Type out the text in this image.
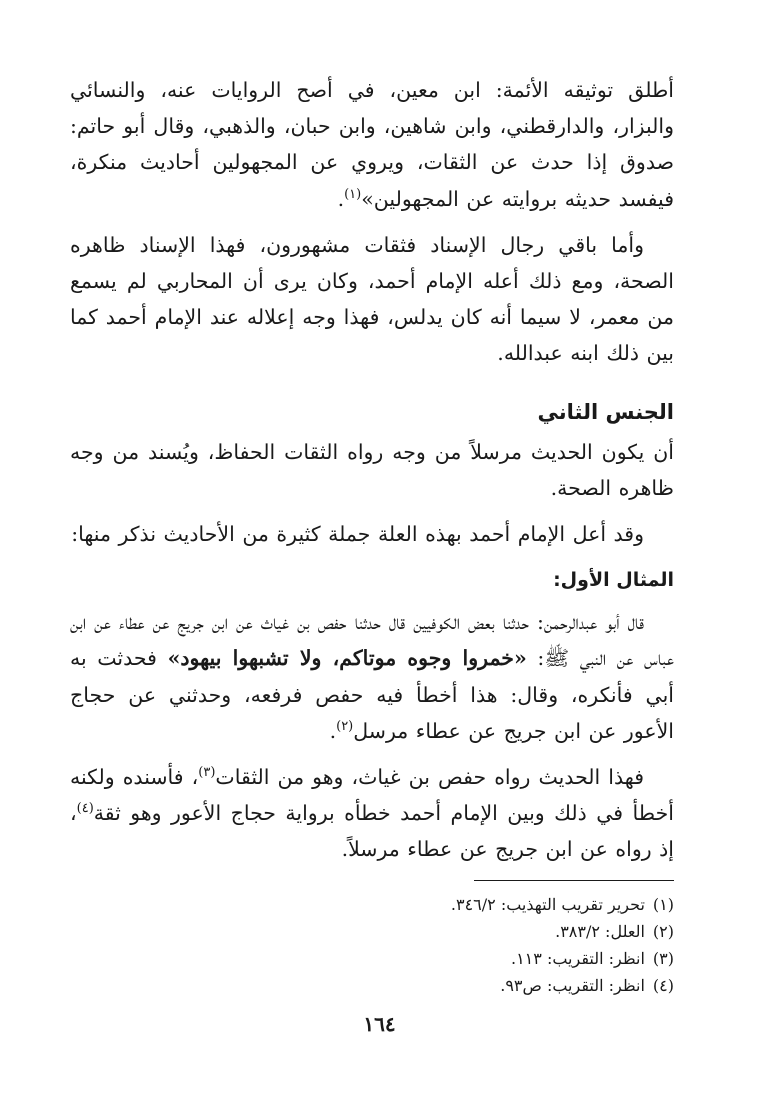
أطلق توثيقه الأئمة: ابن معين، في أصح الروايات عنه، والنسائي والبزار، والدارقطني، وابن شاهين، وابن حبان، والذهبي، وقال أبو حاتم: صدوق إذا حدث عن الثقات، ويروي عن المجهولين أحاديث منكرة، فيفسد حديثه بروايته عن المجهولين»$^{(١)}$.

وأما باقي رجال الإسناد فثقات مشهورون، فهذا الإسناد ظاهره الصحة، ومع ذلك أعله الإمام أحمد، وكان يرى أن المحاربي لم يسمع من معمر، لا سيما أنه كان يدلس، فهذا وجه إعلاله عند الإمام أحمد كما بين ذلك ابنه عبدالله.

الجنس الثاني

أن يكون الحديث مرسلاً من وجه رواه الثقات الحفاظ، ويُسند من وجه ظاهره الصحة.

وقد أعل الإمام أحمد بهذه العلة جملة كثيرة من الأحاديث نذكر منها:

المثال الأول:

قال أبو عبدالرحمن: حدثنا بعض الكوفيين قال حدثنا حفص بن غياث عن ابن جريج عن عطاء عن ابن عباس عن النبي ﷺ: «خمروا وجوه موتاكم، ولا تشبهوا بيهود» فحدثت به أبي فأنكره، وقال: هذا أخطأ فيه حفص فرفعه، وحدثني عن حجاج الأعور عن ابن جريج عن عطاء مرسل$^{(٢)}$.

فهذا الحديث رواه حفص بن غياث، وهو من الثقات$^{(٣)}$، فأسنده ولكنه أخطأ في ذلك وبين الإمام أحمد خطأه برواية حجاج الأعور وهو ثقة$^{(٤)}$، إذ رواه عن ابن جريج عن عطاء مرسلاً.

(١)تحرير تقريب التهذيب: ٣٤٦/٢.

(٢)العلل: ٣٨٣/٢.

(٣)انظر: التقريب: ١١٣.

(٤)انظر: التقريب: ص٩٣.

١٦٤
